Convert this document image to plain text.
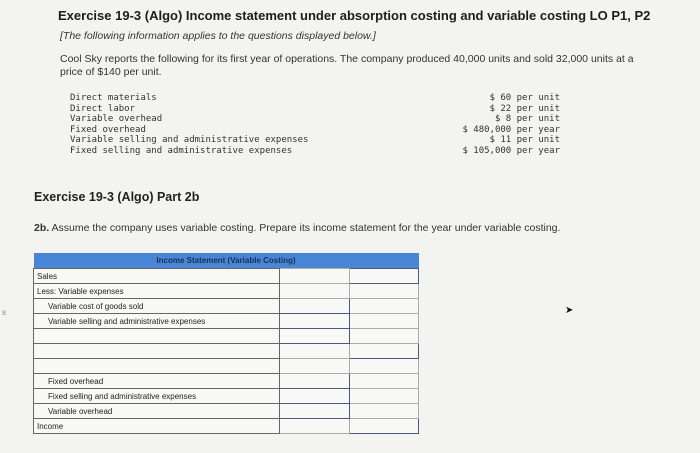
Exercise 19-3 (Algo) Income statement under absorption costing and variable costing LO P1, P2
[The following information applies to the questions displayed below.]
Cool Sky reports the following for its first year of operations. The company produced 40,000 units and sold 32,000 units at a price of $140 per unit.
Direct materials	$ 60 per unit
Direct labor	$ 22 per unit
Variable overhead	$ 8 per unit
Fixed overhead	$ 480,000 per year
Variable selling and administrative expenses	$ 11 per unit
Fixed selling and administrative expenses	$ 105,000 per year
Exercise 19-3 (Algo) Part 2b
2b. Assume the company uses variable costing. Prepare its income statement for the year under variable costing.
s	➤
Income Statement (Variable Costing)		
Sales		
Less: Variable expenses		
Variable cost of goods sold		
Variable selling and administrative expenses		

Fixed overhead		
Fixed selling and administrative expenses		
Variable overhead		
Income		
